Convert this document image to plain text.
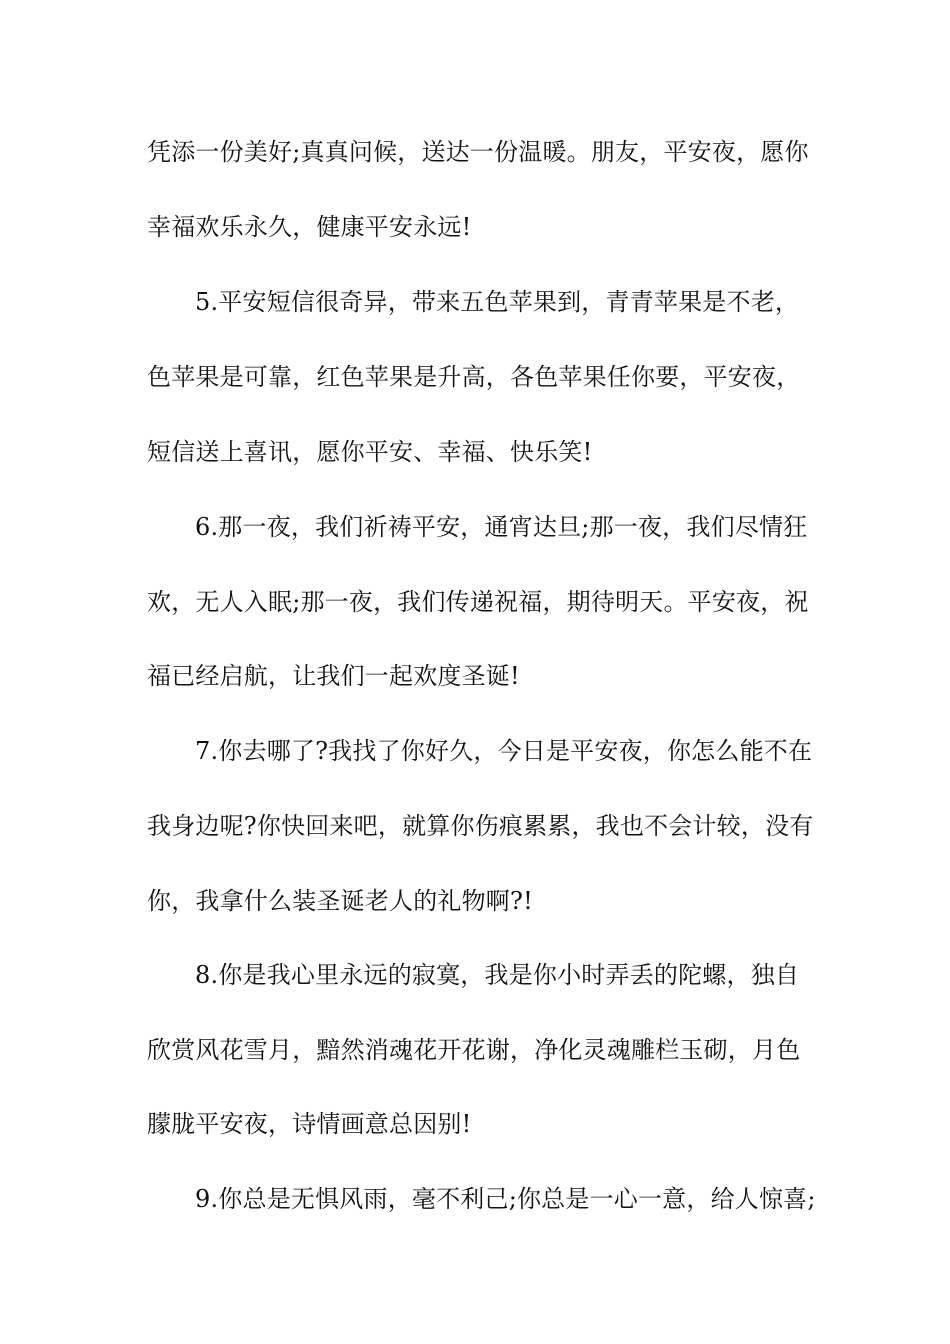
凭添一份美好;真真问候，送达一份温暖。朋友，平安夜，愿你
幸福欢乐永久，健康平安永远!
5.平安短信很奇异，带来五色苹果到，青青苹果是不老，
色苹果是可靠，红色苹果是升高，各色苹果任你要，平安夜，
短信送上喜讯，愿你平安、幸福、快乐笑!
6.那一夜，我们祈祷平安，通宵达旦;那一夜，我们尽情狂
欢，无人入眠;那一夜，我们传递祝福，期待明天。平安夜，祝
福已经启航，让我们一起欢度圣诞!
7.你去哪了?我找了你好久，今日是平安夜，你怎么能不在
我身边呢?你快回来吧，就算你伤痕累累，我也不会计较，没有
你，我拿什么装圣诞老人的礼物啊?!
8.你是我心里永远的寂寞，我是你小时弄丢的陀螺，独自
欣赏风花雪月，黯然消魂花开花谢，净化灵魂雕栏玉砌，月色
朦胧平安夜，诗情画意总因别!
9.你总是无惧风雨，毫不利己;你总是一心一意，给人惊喜;
